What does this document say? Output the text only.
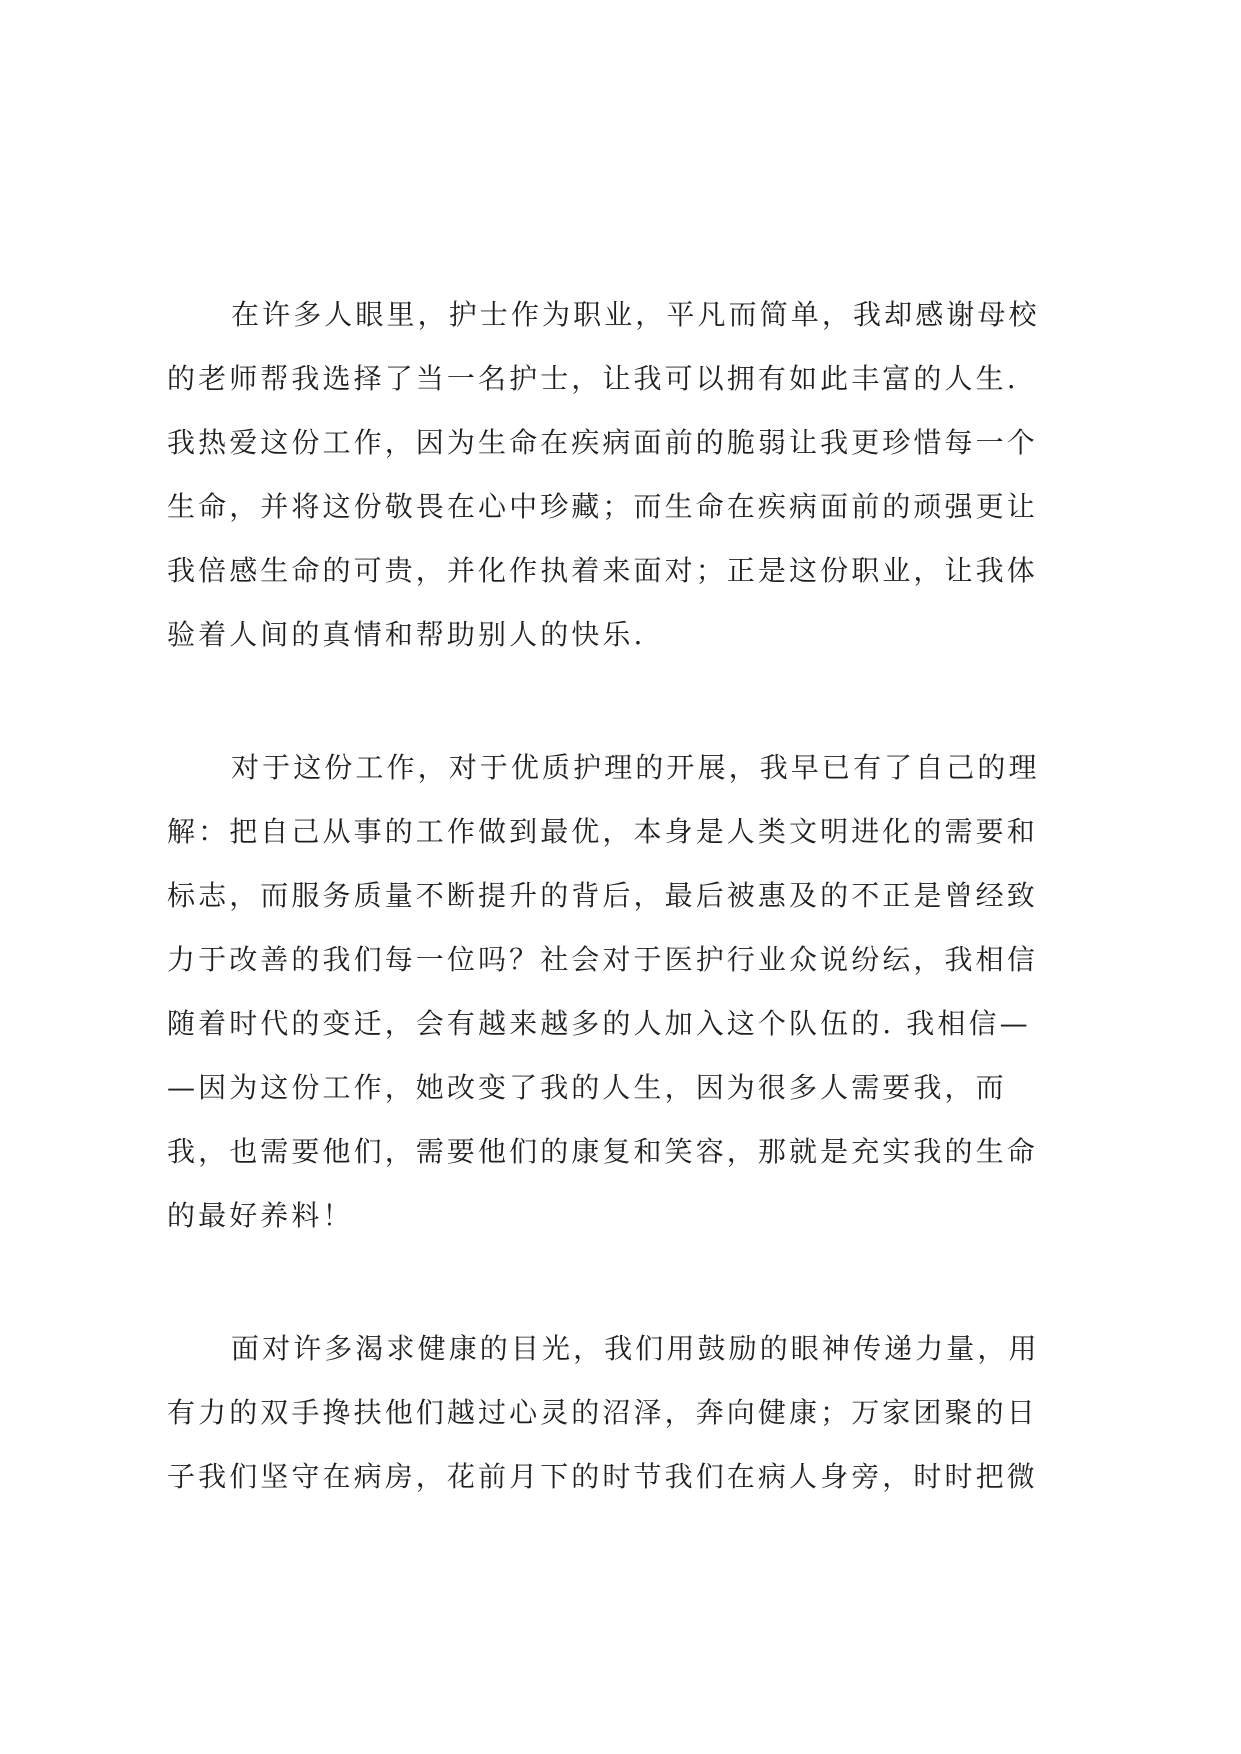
在许多人眼里，护士作为职业，平凡而简单，我却感谢母校

的老师帮我选择了当一名护士，让我可以拥有如此丰富的人生.

我热爱这份工作，因为生命在疾病面前的脆弱让我更珍惜每一个

生命，并将这份敬畏在心中珍藏；而生命在疾病面前的顽强更让

我倍感生命的可贵，并化作执着来面对；正是这份职业，让我体

验着人间的真情和帮助别人的快乐.

对于这份工作，对于优质护理的开展，我早已有了自己的理

解：把自己从事的工作做到最优，本身是人类文明进化的需要和

标志，而服务质量不断提升的背后，最后被惠及的不正是曾经致

力于改善的我们每一位吗？社会对于医护行业众说纷纭，我相信

随着时代的变迁，会有越来越多的人加入这个队伍的. 我相信—

—因为这份工作，她改变了我的人生，因为很多人需要我，而

我，也需要他们，需要他们的康复和笑容，那就是充实我的生命

的最好养料！

面对许多渴求健康的目光，我们用鼓励的眼神传递力量，用

有力的双手搀扶他们越过心灵的沼泽，奔向健康；万家团聚的日

子我们坚守在病房，花前月下的时节我们在病人身旁，时时把微
